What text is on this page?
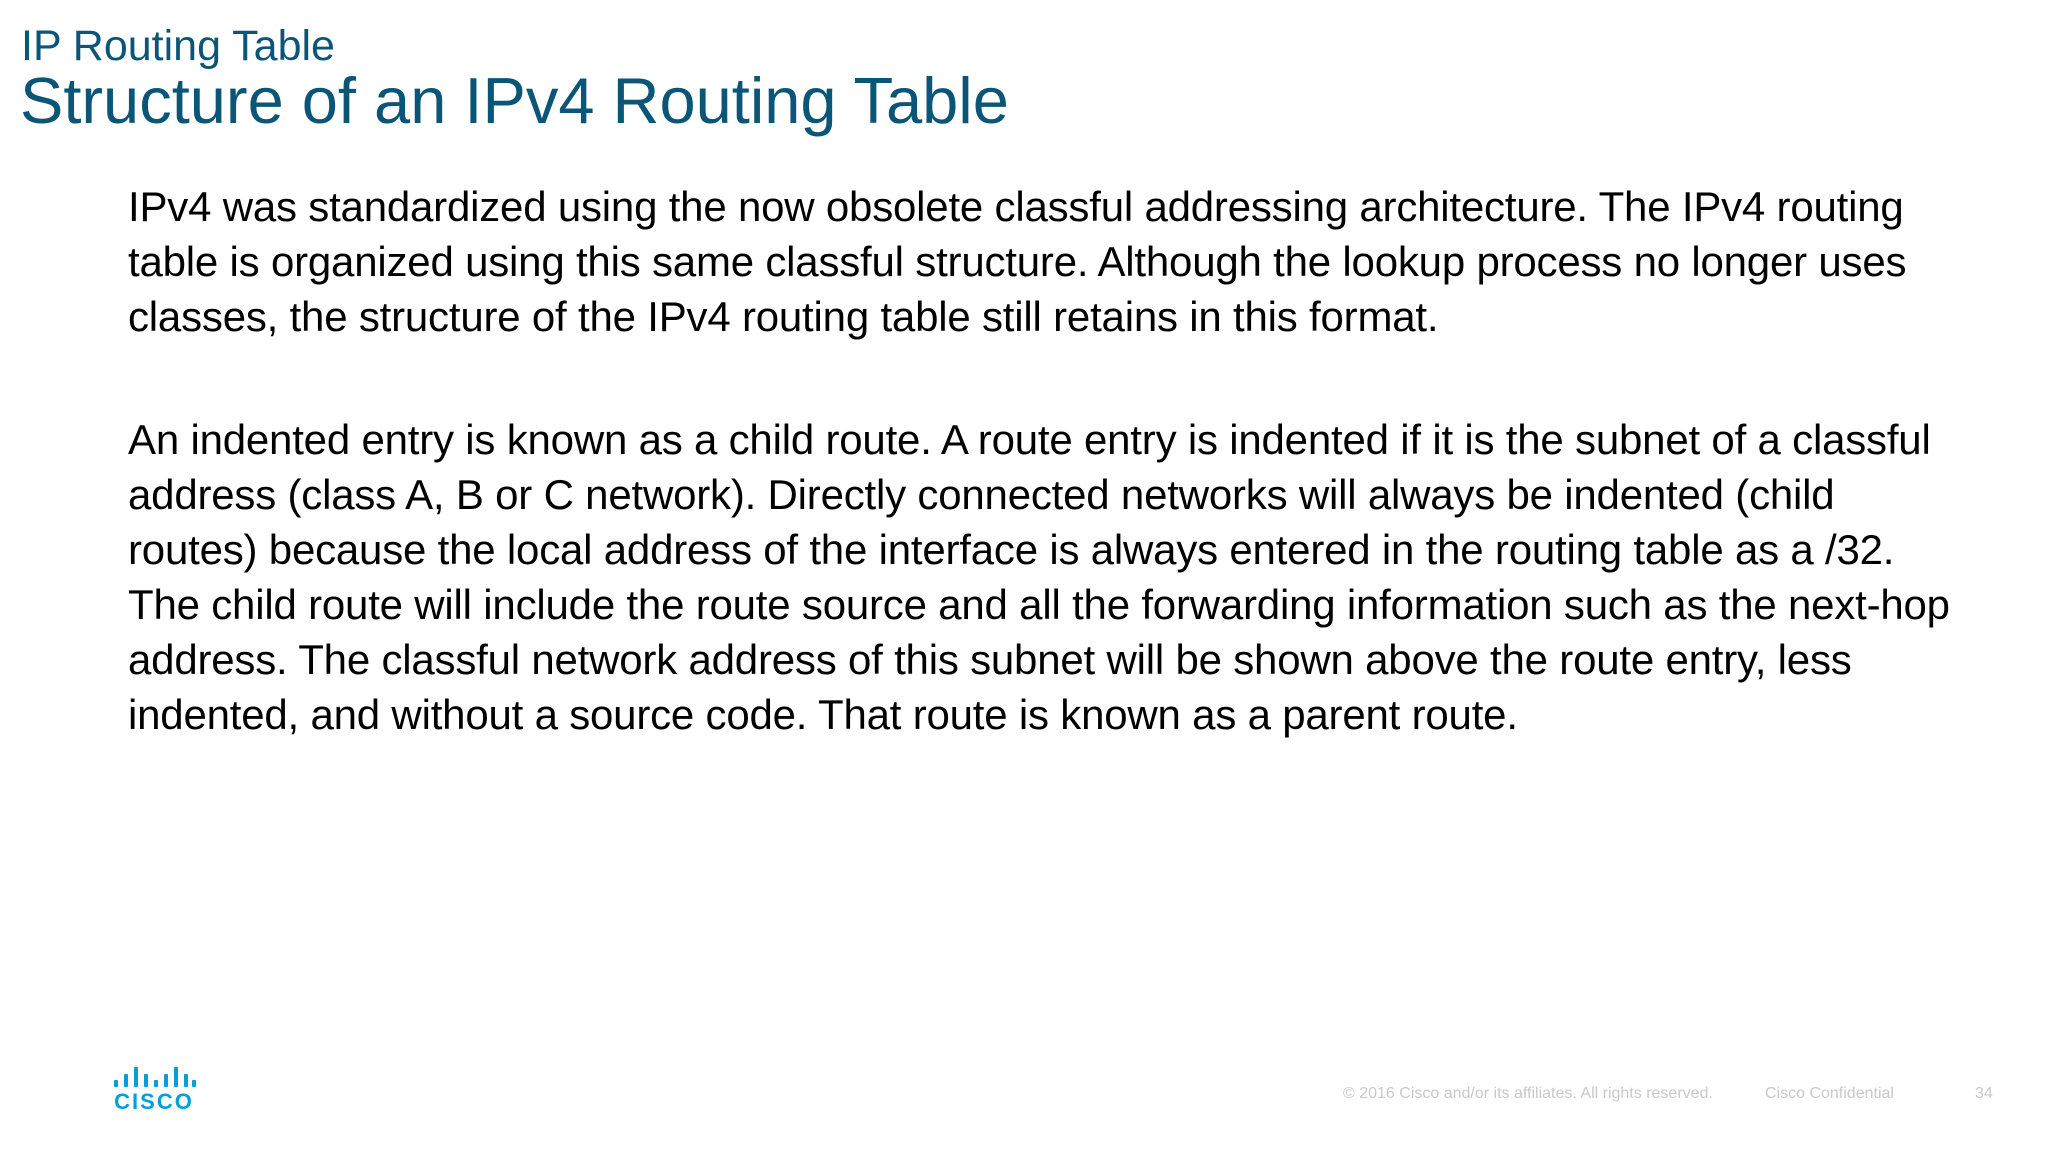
IP Routing Table
Structure of an IPv4 Routing Table

IPv4 was standardized using the now obsolete classful addressing architecture. The IPv4 routing table is organized using this same classful structure. Although the lookup process no longer uses classes, the structure of the IPv4 routing table still retains in this format.

An indented entry is known as a child route. A route entry is indented if it is the subnet of a classful address (class A, B or C network). Directly connected networks will always be indented (child routes) because the local address of the interface is always entered in the routing table as a /32. The child route will include the route source and all the forwarding information such as the next-hop address. The classful network address of this subnet will be shown above the route entry, less indented, and without a source code. That route is known as a parent route.

CISCO	© 2016 Cisco and/or its affiliates. All rights reserved.	Cisco Confidential	34
